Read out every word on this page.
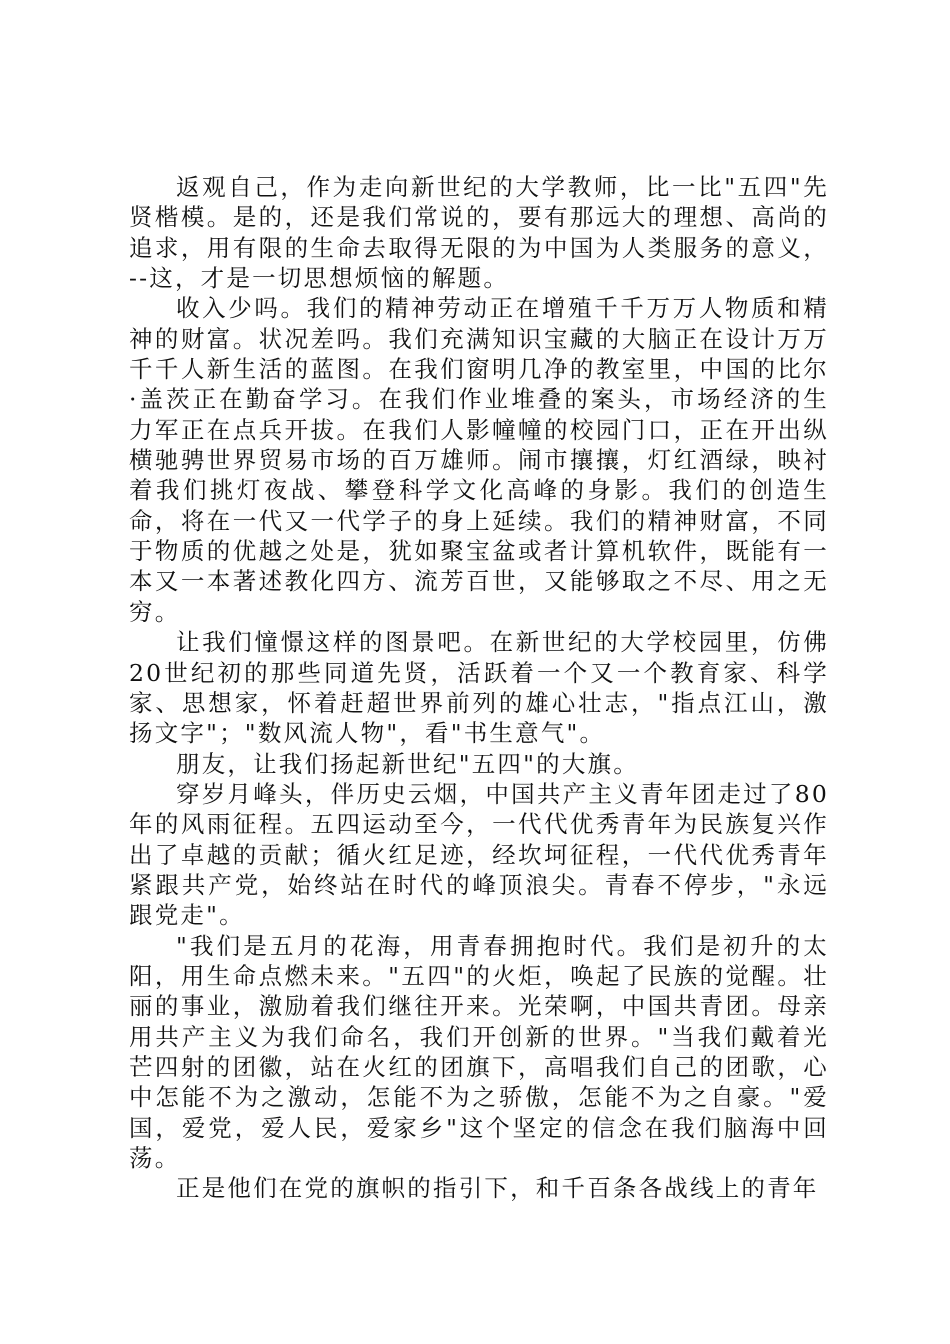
返观自己，作为走向新世纪的大学教师，比一比"五四"先贤楷模。是的，还是我们常说的，要有那远大的理想、高尚的追求，用有限的生命去取得无限的为中国为人类服务的意义，--这，才是一切思想烦恼的解题。

收入少吗。我们的精神劳动正在增殖千千万万人物质和精神的财富。状况差吗。我们充满知识宝藏的大脑正在设计万万千千人新生活的蓝图。在我们窗明几净的教室里，中国的比尔·盖茨正在勤奋学习。在我们作业堆叠的案头，市场经济的生力军正在点兵开拔。在我们人影幢幢的校园门口，正在开出纵横驰骋世界贸易市场的百万雄师。闹市攘攘，灯红酒绿，映衬着我们挑灯夜战、攀登科学文化高峰的身影。我们的创造生命，将在一代又一代学子的身上延续。我们的精神财富，不同于物质的优越之处是，犹如聚宝盆或者计算机软件，既能有一本又一本著述教化四方、流芳百世，又能够取之不尽、用之无穷。

让我们憧憬这样的图景吧。在新世纪的大学校园里，仿佛20世纪初的那些同道先贤，活跃着一个又一个教育家、科学家、思想家，怀着赶超世界前列的雄心壮志，"指点江山，激扬文字"；"数风流人物"，看"书生意气"。

朋友，让我们扬起新世纪"五四"的大旗。

穿岁月峰头，伴历史云烟，中国共产主义青年团走过了80年的风雨征程。五四运动至今，一代代优秀青年为民族复兴作出了卓越的贡献；循火红足迹，经坎坷征程，一代代优秀青年紧跟共产党，始终站在时代的峰顶浪尖。青春不停步，"永远跟党走"。

"我们是五月的花海，用青春拥抱时代。我们是初升的太阳，用生命点燃未来。"五四"的火炬，唤起了民族的觉醒。壮丽的事业，激励着我们继往开来。光荣啊，中国共青团。母亲用共产主义为我们命名，我们开创新的世界。"当我们戴着光芒四射的团徽，站在火红的团旗下，高唱我们自己的团歌，心中怎能不为之激动，怎能不为之骄傲，怎能不为之自豪。"爱国，爱党，爱人民，爱家乡"这个坚定的信念在我们脑海中回荡。

正是他们在党的旗帜的指引下，和千百条各战线上的青年
